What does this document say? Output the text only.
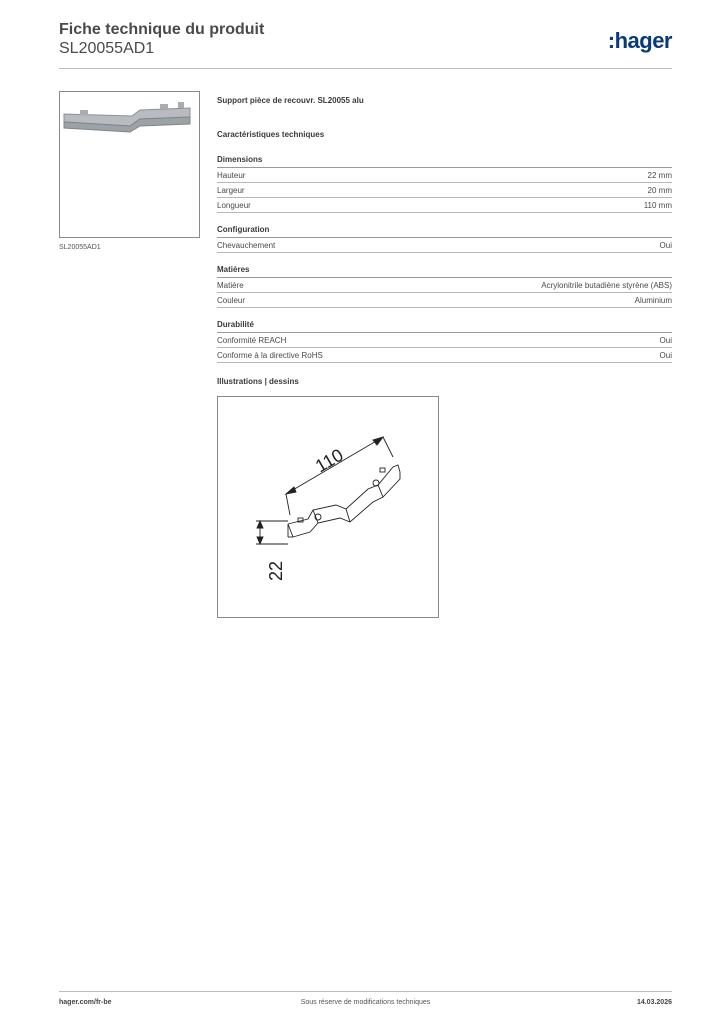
Fiche technique du produit
SL20055AD1	:hager
SL20055AD1
Support pièce de recouvr. SL20055 alu
Caractéristiques techniques
Dimensions
Hauteur	22 mm
Largeur	20 mm
Longueur	110 mm
Configuration
Chevauchement	Oui
Matières
Matière	Acrylonitrile butadiène styrène (ABS)
Couleur	Aluminium
Durabilité
Conformité REACH	Oui
Conforme à la directive RoHS	Oui
Illustrations | dessins
110
22
hager.com/fr-be	Sous réserve de modifications techniques	14.03.2026
